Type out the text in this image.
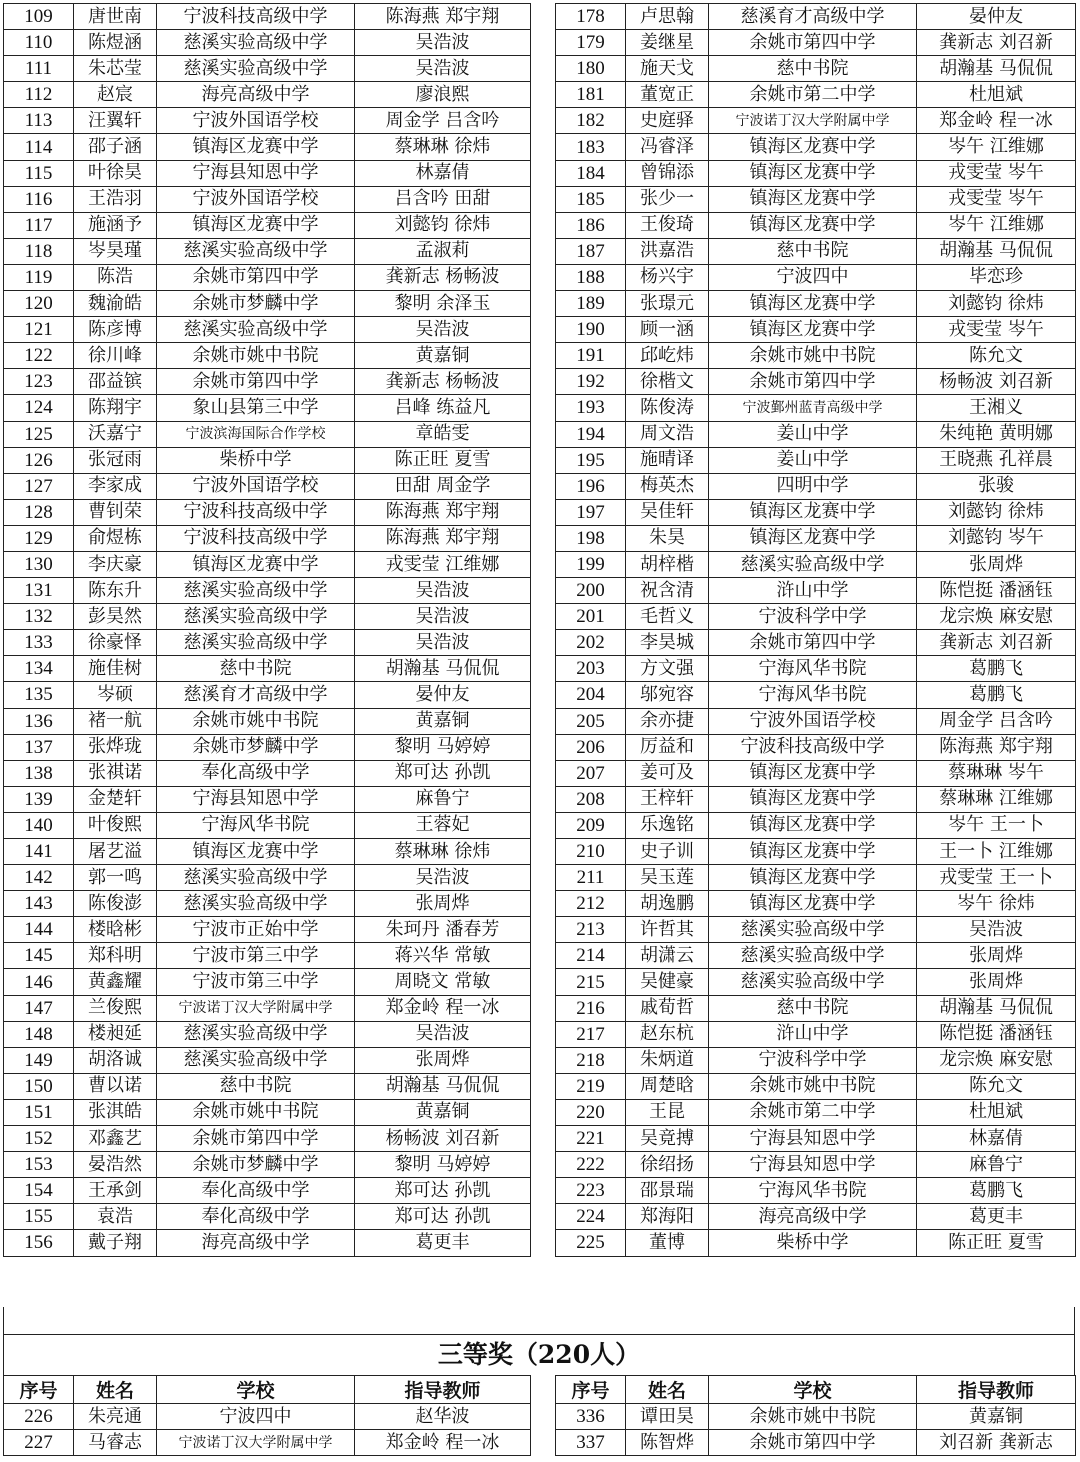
109	唐世南	宁波科技高级中学	陈海燕 郑宇翔
110	陈煜涵	慈溪实验高级中学	吴浩波
111	朱芯莹	慈溪实验高级中学	吴浩波
112	赵宸	海亮高级中学	廖浪熙
113	汪翼轩	宁波外国语学校	周金学 吕含吟
114	邵子涵	镇海区龙赛中学	蔡琳琳 徐炜
115	叶徐昊	宁海县知恩中学	林嘉倩
116	王浩羽	宁波外国语学校	吕含吟 田甜
117	施涵予	镇海区龙赛中学	刘懿钧 徐炜
118	岑昊瑾	慈溪实验高级中学	孟淑莉
119	陈浩	余姚市第四中学	龚新志 杨畅波
120	魏渝皓	余姚市梦麟中学	黎明 余泽玉
121	陈彦博	慈溪实验高级中学	吴浩波
122	徐川峰	余姚市姚中书院	黄嘉铜
123	邵益镔	余姚市第四中学	龚新志 杨畅波
124	陈翔宇	象山县第三中学	吕峰 练益凡
125	沃嘉宁	宁波滨海国际合作学校	章皓雯
126	张冠雨	柴桥中学	陈正旺 夏雪
127	李家成	宁波外国语学校	田甜 周金学
128	曹钊荣	宁波科技高级中学	陈海燕 郑宇翔
129	俞煜栋	宁波科技高级中学	陈海燕 郑宇翔
130	李庆豪	镇海区龙赛中学	戎雯莹 江维娜
131	陈东升	慈溪实验高级中学	吴浩波
132	彭昊然	慈溪实验高级中学	吴浩波
133	徐豪怿	慈溪实验高级中学	吴浩波
134	施佳树	慈中书院	胡瀚基 马侃侃
135	岑硕	慈溪育才高级中学	晏仲友
136	褚一航	余姚市姚中书院	黄嘉铜
137	张烨珑	余姚市梦麟中学	黎明 马婷婷
138	张祺诺	奉化高级中学	郑可达 孙凯
139	金楚轩	宁海县知恩中学	麻鲁宁
140	叶俊熙	宁海风华书院	王蓉妃
141	屠艺溢	镇海区龙赛中学	蔡琳琳 徐炜
142	郭一鸣	慈溪实验高级中学	吴浩波
143	陈俊澎	慈溪实验高级中学	张周烨
144	楼晗彬	宁波市正始中学	朱珂丹 潘春芳
145	郑科明	宁波市第三中学	蒋兴华 常敏
146	黄鑫耀	宁波市第三中学	周晓文 常敏
147	兰俊熙	宁波诺丁汉大学附属中学	郑金岭 程一冰
148	楼昶延	慈溪实验高级中学	吴浩波
149	胡洛诚	慈溪实验高级中学	张周烨
150	曹以诺	慈中书院	胡瀚基 马侃侃
151	张淇皓	余姚市姚中书院	黄嘉铜
152	邓鑫艺	余姚市第四中学	杨畅波 刘召新
153	晏浩然	余姚市梦麟中学	黎明 马婷婷
154	王承剑	奉化高级中学	郑可达 孙凯
155	袁浩	奉化高级中学	郑可达 孙凯
156	戴子翔	海亮高级中学	葛更丰
178	卢思翰	慈溪育才高级中学	晏仲友
179	姜继星	余姚市第四中学	龚新志 刘召新
180	施天戈	慈中书院	胡瀚基 马侃侃
181	董宽正	余姚市第二中学	杜旭斌
182	史庭驿	宁波诺丁汉大学附属中学	郑金岭 程一冰
183	冯睿泽	镇海区龙赛中学	岑午 江维娜
184	曾锦添	镇海区龙赛中学	戎雯莹 岑午
185	张少一	镇海区龙赛中学	戎雯莹 岑午
186	王俊琦	镇海区龙赛中学	岑午 江维娜
187	洪嘉浩	慈中书院	胡瀚基 马侃侃
188	杨兴宇	宁波四中	毕恋珍
189	张璟元	镇海区龙赛中学	刘懿钧 徐炜
190	顾一涵	镇海区龙赛中学	戎雯莹 岑午
191	邱屹炜	余姚市姚中书院	陈允文
192	徐楷文	余姚市第四中学	杨畅波 刘召新
193	陈俊涛	宁波鄞州蓝青高级中学	王湘义
194	周文浩	姜山中学	朱纯艳 黄明娜
195	施晴译	姜山中学	王晓燕 孔祥晨
196	梅英杰	四明中学	张骏
197	吴佳轩	镇海区龙赛中学	刘懿钧 徐炜
198	朱昊	镇海区龙赛中学	刘懿钧 岑午
199	胡梓楷	慈溪实验高级中学	张周烨
200	祝含清	浒山中学	陈恺挺 潘涵钰
201	毛哲义	宁波科学中学	龙宗焕 麻安慰
202	李昊城	余姚市第四中学	龚新志 刘召新
203	方文强	宁海风华书院	葛鹏飞
204	邬宛容	宁海风华书院	葛鹏飞
205	余亦捷	宁波外国语学校	周金学 吕含吟
206	厉益和	宁波科技高级中学	陈海燕 郑宇翔
207	姜可及	镇海区龙赛中学	蔡琳琳 岑午
208	王梓轩	镇海区龙赛中学	蔡琳琳 江维娜
209	乐逸铭	镇海区龙赛中学	岑午 王一卜
210	史子训	镇海区龙赛中学	王一卜 江维娜
211	吴玉莲	镇海区龙赛中学	戎雯莹 王一卜
212	胡逸鹏	镇海区龙赛中学	岑午 徐炜
213	许哲其	慈溪实验高级中学	吴浩波
214	胡潇云	慈溪实验高级中学	张周烨
215	吴健豪	慈溪实验高级中学	张周烨
216	戚荀哲	慈中书院	胡瀚基 马侃侃
217	赵东杭	浒山中学	陈恺挺 潘涵钰
218	朱炳道	宁波科学中学	龙宗焕 麻安慰
219	周楚晗	余姚市姚中书院	陈允文
220	王昆	余姚市第二中学	杜旭斌
221	吴竟搏	宁海县知恩中学	林嘉倩
222	徐绍扬	宁海县知恩中学	麻鲁宁
223	邵景瑞	宁海风华书院	葛鹏飞
224	郑海阳	海亮高级中学	葛更丰
225	董博	柴桥中学	陈正旺 夏雪
三等奖（220人）
序号	姓名	学校	指导教师
226	朱亮通	宁波四中	赵华波
227	马睿志	宁波诺丁汉大学附属中学	郑金岭 程一冰
序号	姓名	学校	指导教师
336	谭田昊	余姚市姚中书院	黄嘉铜
337	陈智烨	余姚市第四中学	刘召新 龚新志
